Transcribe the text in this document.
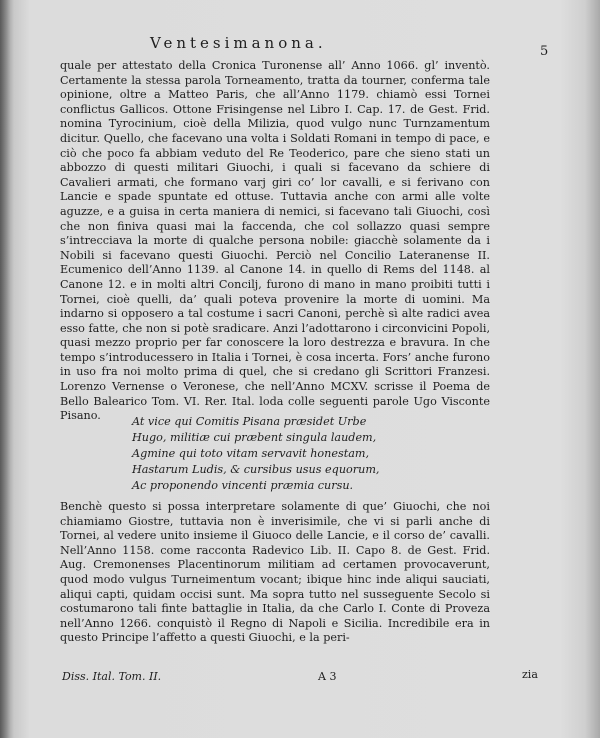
Ventesimanona.	5

quale per attestato della Cronica Turonense all’ Anno 1066. gl’ inventò. Certamente la stessa parola Torneamento, tratta da tourner, conferma tale opinione, oltre a Matteo Paris, che all’Anno 1179. chiamò essi Tornei conflictus Gallicos. Ottone Frisingense nel Libro I. Cap. 17. de Gest. Frid. nomina Tyrocinium, cioè della Milizia, quod vulgo nunc Turnzamentum dicitur. Quello, che facevano una volta i Soldati Romani in tempo di pace, e ciò che poco fa abbiam veduto del Re Teoderico, pare che sieno stati un abbozzo di questi militari Giuochi, i quali si facevano da schiere di Cavalieri armati, che formano varj giri co’ lor cavalli, e si ferivano con Lancie e spade spuntate ed ottuse. Tuttavia anche con armi alle volte aguzze, e a guisa in certa maniera di nemici, si facevano tali Giuochi, così che non finiva quasi mai la faccenda, che col sollazzo quasi sempre s’intrecciava la morte di qualche persona nobile: giacchè solamente da i Nobili si facevano questi Giuochi. Perciò nel Concilio Lateranense II. Ecumenico dell’Anno 1139. al Canone 14. in quello di Rems del 1148. al Canone 12. e in molti altri Concilj, furono di mano in mano proibiti tutti i Tornei, cioè quelli, da’ quali poteva provenire la morte di uomini. Ma indarno si opposero a tal costume i sacri Canoni, perchè sì alte radici avea esso fatte, che non si potè sradicare. Anzi l’adottarono i circonvicini Popoli, quasi mezzo proprio per far conoscere la loro destrezza e bravura. In che tempo s’introducessero in Italia i Tornei, è cosa incerta. Fors’ anche furono in uso fra noi molto prima di quel, che si credano gli Scrittori Franzesi. Lorenzo Vernense o Veronese, che nell’Anno MCXV. scrisse il Poema de Bello Balearico Tom. VI. Rer. Ital. loda colle seguenti parole Ugo Visconte Pisano.	At vice qui Comitis Pisana præsidet Urbe
Hugo, militiæ cui præbent singula laudem,
Agmine qui toto vitam servavit honestam,
Hastarum Ludis, & cursibus usus equorum,
Ac proponendo vincenti præmia cursu.

Benchè questo si possa interpretare solamente di que’ Giuochi, che noi chiamiamo Giostre, tuttavia non è inverisimile, che vi si parli anche di Tornei, al vedere unito insieme il Giuoco delle Lancie, e il corso de’ cavalli. Nell’Anno 1158. come racconta Radevico Lib. II. Capo 8. de Gest. Frid. Aug. Cremonenses Placentinorum militiam ad certamen provocaverunt, quod modo vulgus Turneimentum vocant; ibique hinc inde aliqui sauciati, aliqui capti, quidam occisi sunt. Ma sopra tutto nel susseguente Secolo si costumarono tali finte battaglie in Italia, da che Carlo I. Conte di Proveza nell’Anno 1266. conquistò il Regno di Napoli e Sicilia. Incredibile era in questo Principe l’affetto a questi Giuochi, e la peri-

Diss. Ital. Tom. II.	A 3	zia
